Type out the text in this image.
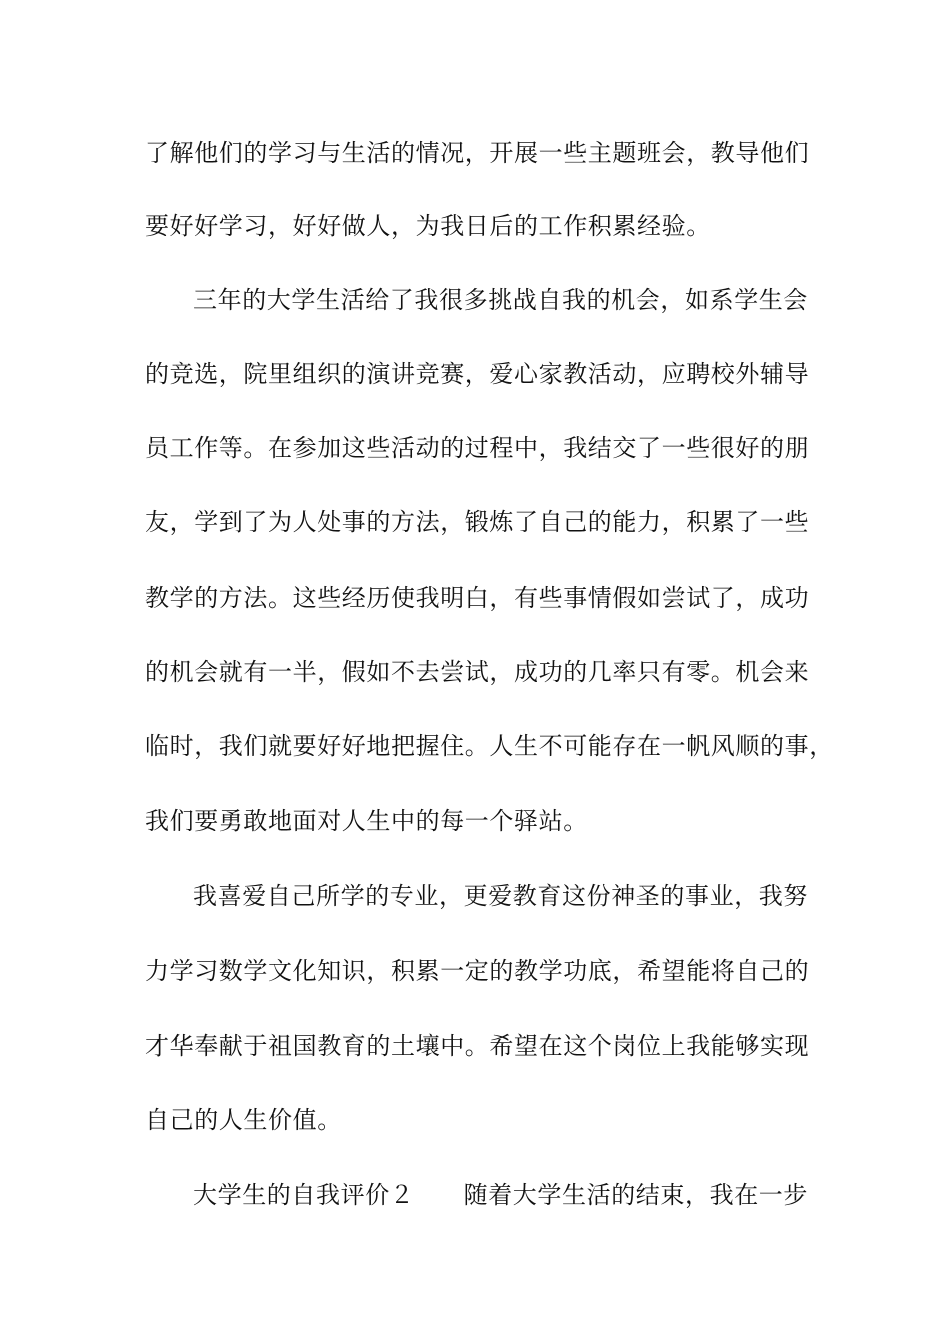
了解他们的学习与生活的情况，开展一些主题班会，教导他们
要好好学习，好好做人，为我日后的工作积累经验。
三年的大学生活给了我很多挑战自我的机会，如系学生会
的竞选，院里组织的演讲竞赛，爱心家教活动，应聘校外辅导
员工作等。在参加这些活动的过程中，我结交了一些很好的朋
友，学到了为人处事的方法，锻炼了自己的能力，积累了一些
教学的方法。这些经历使我明白，有些事情假如尝试了，成功
的机会就有一半，假如不去尝试，成功的几率只有零。机会来
临时，我们就要好好地把握住。人生不可能存在一帆风顺的事，
我们要勇敢地面对人生中的每一个驿站。
我喜爱自己所学的专业，更爱教育这份神圣的事业，我努
力学习数学文化知识，积累一定的教学功底，希望能将自己的
才华奉献于祖国教育的土壤中。希望在这个岗位上我能够实现
自己的人生价值。
大学生的自我评价２　　随着大学生活的结束，我在一步
